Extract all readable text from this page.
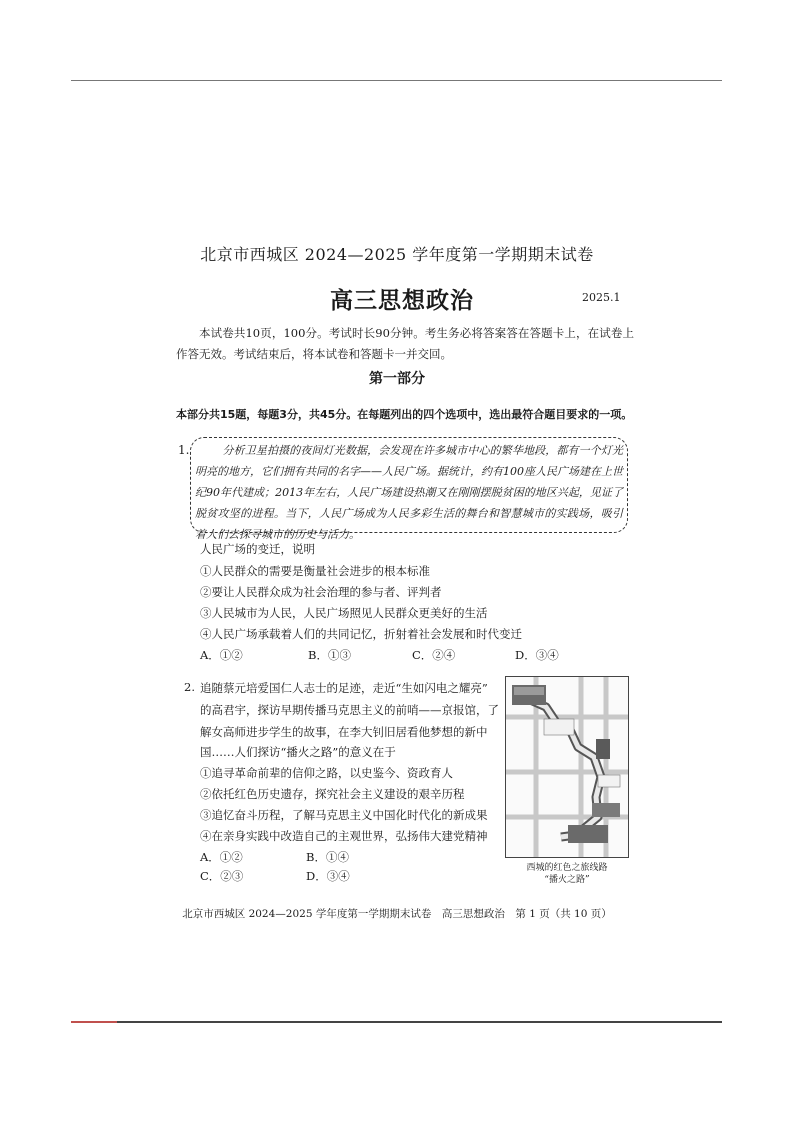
北京市西城区 2024—2025 学年度第一学期期末试卷
高三思想政治	2025.1
本试卷共10页，100分。考试时长90分钟。考生务必将答案答在答题卡上，在试卷上作答无效。考试结束后，将本试卷和答题卡一并交回。
第一部分
本部分共15题，每题3分，共45分。在每题列出的四个选项中，选出最符合题目要求的一项。
1.	分析卫星拍摄的夜间灯光数据，会发现在许多城市中心的繁华地段，都有一个灯光明亮的地方，它们拥有共同的名字——人民广场。据统计，约有100座人民广场建在上世纪90年代建成；2013年左右，人民广场建设热潮又在刚刚摆脱贫困的地区兴起，见证了脱贫攻坚的进程。当下，人民广场成为人民多彩生活的舞台和智慧城市的实践场，吸引着人们去探寻城市的历史与活力。
人民广场的变迁，说明
①人民群众的需要是衡量社会进步的根本标准
②要让人民群众成为社会治理的参与者、评判者
③人民城市为人民，人民广场照见人民群众更美好的生活
④人民广场承载着人们的共同记忆，折射着社会发展和时代变迁
A．①②	B．①③	C．②④	D．③④
2. 追随蔡元培爱国仁人志士的足迹，走近“生如闪电之耀亮”
的高君宇，探访早期传播马克思主义的前哨——京报馆，了
解女高师进步学生的故事，在李大钊旧居看他梦想的新中
国……人们探访“播火之路”的意义在于
①追寻革命前辈的信仰之路，以史鉴今、资政育人
②依托红色历史遗存，探究社会主义建设的艰辛历程
③追忆奋斗历程，了解马克思主义中国化时代化的新成果
④在亲身实践中改造自己的主观世界，弘扬伟大建党精神
A．①②	B．①④
C．②③	D．③④
西城的红色之旅线路
“播火之路”
北京市西城区 2024—2025 学年度第一学期期末试卷　高三思想政治　第 1 页（共 10 页）
